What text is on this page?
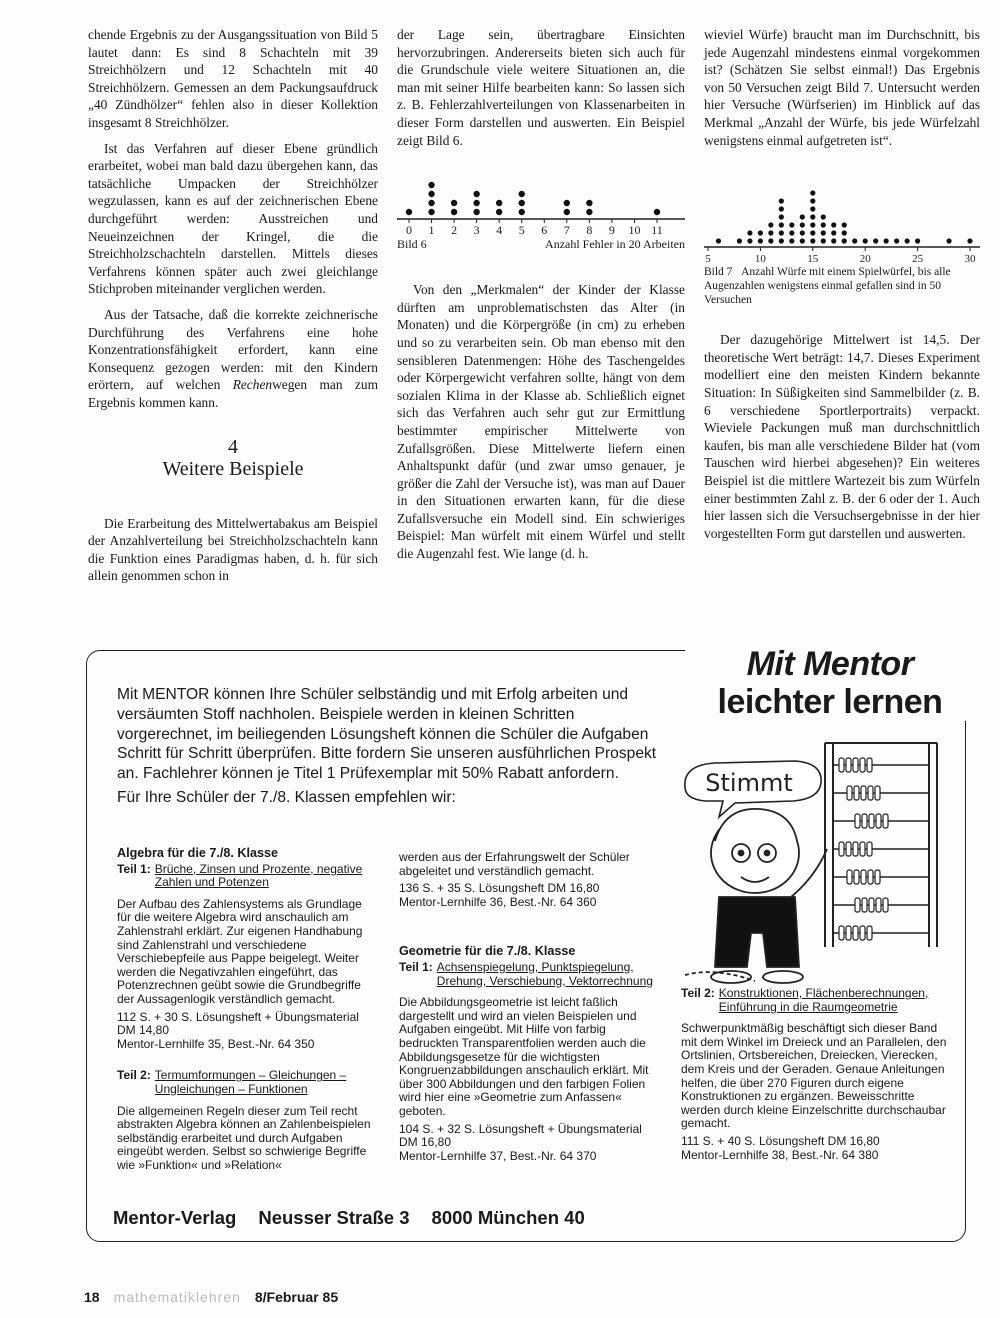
chende Ergebnis zu der Ausgangssituation von Bild 5 lautet dann: Es sind 8 Schachteln mit 39 Streichhölzern und 12 Schachteln mit 40 Streichhölzern. Gemessen an dem Packungsaufdruck „40 Zündhölzer“ fehlen also in dieser Kollektion insgesamt 8 Streichhölzer.

Ist das Verfahren auf dieser Ebene gründlich erarbeitet, wobei man bald dazu übergehen kann, das tatsächliche Umpacken der Streichhölzer wegzulassen, kann es auf der zeichnerischen Ebene durchgeführt werden: Ausstreichen und Neueinzeichnen der Kringel, die die Streichholzschachteln darstellen. Mittels dieses Verfahrens können später auch zwei gleichlange Stichproben miteinander verglichen werden.

Aus der Tatsache, daß die korrekte zeichnerische Durchführung des Verfahrens eine hohe Konzentrationsfähigkeit erfordert, kann eine Konsequenz gezogen werden: mit den Kindern erörtern, auf welchen Rechenwegen man zum Ergebnis kommen kann.

4
Weitere Beispiele

Die Erarbeitung des Mittelwertabakus am Beispiel der Anzahlverteilung bei Streichholzschachteln kann die Funktion eines Paradigmas haben, d. h. für sich allein genommen schon in

der Lage sein, übertragbare Einsichten hervorzubringen. Andererseits bieten sich auch für die Grundschule viele weitere Situationen an, die man mit seiner Hilfe bearbeiten kann: So lassen sich z. B. Fehlerzahlverteilungen von Klassenarbeiten in dieser Form darstellen und auswerten. Ein Beispiel zeigt Bild 6.

0 1 2 3 4 5 6 7 8 9 10 11
Bild 6	Anzahl Fehler in 20 Arbeiten

Von den „Merkmalen“ der Kinder der Klasse dürften am unproblematischsten das Alter (in Monaten) und die Körpergröße (in cm) zu erheben und so zu verarbeiten sein. Ob man ebenso mit den sensibleren Datenmengen: Höhe des Taschengeldes oder Körpergewicht verfahren sollte, hängt von dem sozialen Klima in der Klasse ab. Schließlich eignet sich das Verfahren auch sehr gut zur Ermittlung bestimmter empirischer Mittelwerte von Zufallsgrößen. Diese Mittelwerte liefern einen Anhaltspunkt dafür (und zwar umso genauer, je größer die Zahl der Versuche ist), was man auf Dauer in den Situationen erwarten kann, für die diese Zufallsversuche ein Modell sind. Ein schwieriges Beispiel: Man würfelt mit einem Würfel und stellt die Augenzahl fest. Wie lange (d. h.

wieviel Würfe) braucht man im Durchschnitt, bis jede Augenzahl mindestens einmal vorgekommen ist? (Schätzen Sie selbst einmal!) Das Ergebnis von 50 Versuchen zeigt Bild 7. Untersucht werden hier Versuche (Würfserien) im Hinblick auf das Merkmal „Anzahl der Würfe, bis jede Würfelzahl wenigstens einmal aufgetreten ist“.

5	10	15	20	25	30
Bild 7 Anzahl Würfe mit einem Spielwürfel, bis alle Augenzahlen wenigstens einmal gefallen sind in 50 Versuchen

Der dazugehörige Mittelwert ist 14,5. Der theoretische Wert beträgt: 14,7. Dieses Experiment modelliert eine den meisten Kindern bekannte Situation: In Süßigkeiten sind Sammelbilder (z. B. 6 verschiedene Sportlerportraits) verpackt. Wieviele Packungen muß man durchschnittlich kaufen, bis man alle verschiedene Bilder hat (vom Tauschen wird hierbei abgesehen)? Ein weiteres Beispiel ist die mittlere Wartezeit bis zum Würfeln einer bestimmten Zahl z. B. der 6 oder der 1. Auch hier lassen sich die Versuchsergebnisse in der hier vorgestellten Form gut darstellen und auswerten.

Mit Mentor
leichter lernen
Mit MENTOR können Ihre Schüler selbständig und mit Erfolg arbeiten und versäumten Stoff nachholen. Beispiele werden in kleinen Schritten vorgerechnet, im beiliegenden Lösungsheft können die Schüler die Aufgaben Schritt für Schritt überprüfen. Bitte fordern Sie unseren ausführlichen Prospekt an. Fachlehrer können je Titel 1 Prüfexemplar mit 50% Rabatt anfordern.
Für Ihre Schüler der 7./8. Klassen empfehlen wir:
Stimmt
Algebra für die 7./8. Klasse
Teil 1: Brüche, Zinsen und Prozente, negative Zahlen und Potenzen
Der Aufbau des Zahlensystems als Grundlage für die weitere Algebra wird anschaulich am Zahlenstrahl erklärt. Zur eigenen Handhabung sind Zahlenstrahl und verschiedene Verschiebepfeile aus Pappe beigelegt. Weiter werden die Negativzahlen eingeführt, das Potenzrechnen geübt sowie die Grundbegriffe der Aussagenlogik verständlich gemacht.
112 S. + 30 S. Lösungsheft + Übungsmaterial DM 14,80
Mentor-Lernhilfe 35, Best.-Nr. 64 350
Teil 2: Termumformungen – Gleichungen – Ungleichungen – Funktionen
Die allgemeinen Regeln dieser zum Teil recht abstrakten Algebra können an Zahlenbeispielen selbständig erarbeitet und durch Aufgaben eingeübt werden. Selbst so schwierige Begriffe wie »Funktion« und »Relation«
werden aus der Erfahrungswelt der Schüler abgeleitet und verständlich gemacht.
136 S. + 35 S. Lösungsheft DM 16,80
Mentor-Lernhilfe 36, Best.-Nr. 64 360
Geometrie für die 7./8. Klasse
Teil 1: Achsenspiegelung, Punktspiegelung, Drehung, Verschiebung, Vektorrechnung
Die Abbildungsgeometrie ist leicht faßlich dargestellt und wird an vielen Beispielen und Aufgaben eingeübt. Mit Hilfe von farbig bedruckten Transparentfolien werden auch die Abbildungsgesetze für die wichtigsten Kongruenzabbildungen anschaulich erklärt. Mit über 300 Abbildungen und den farbigen Folien wird hier eine »Geometrie zum Anfassen« geboten.
104 S. + 32 S. Lösungsheft + Übungsmaterial DM 16,80
Mentor-Lernhilfe 37, Best.-Nr. 64 370
Teil 2: Konstruktionen, Flächenberechnungen, Einführung in die Raumgeometrie
Schwerpunktmäßig beschäftigt sich dieser Band mit dem Winkel im Dreieck und an Parallelen, den Ortslinien, Ortsbereichen, Dreiecken, Vierecken, dem Kreis und der Geraden. Genaue Anleitungen helfen, die über 270 Figuren durch eigene Konstruktionen zu ergänzen. Beweisschritte werden durch kleine Einzelschritte durchschaubar gemacht.
111 S. + 40 S. Lösungsheft DM 16,80
Mentor-Lernhilfe 38, Best.-Nr. 64 380
Mentor-Verlag Neusser Straße 3 8000 München 40
18 mathematiklehren 8/Februar 85
